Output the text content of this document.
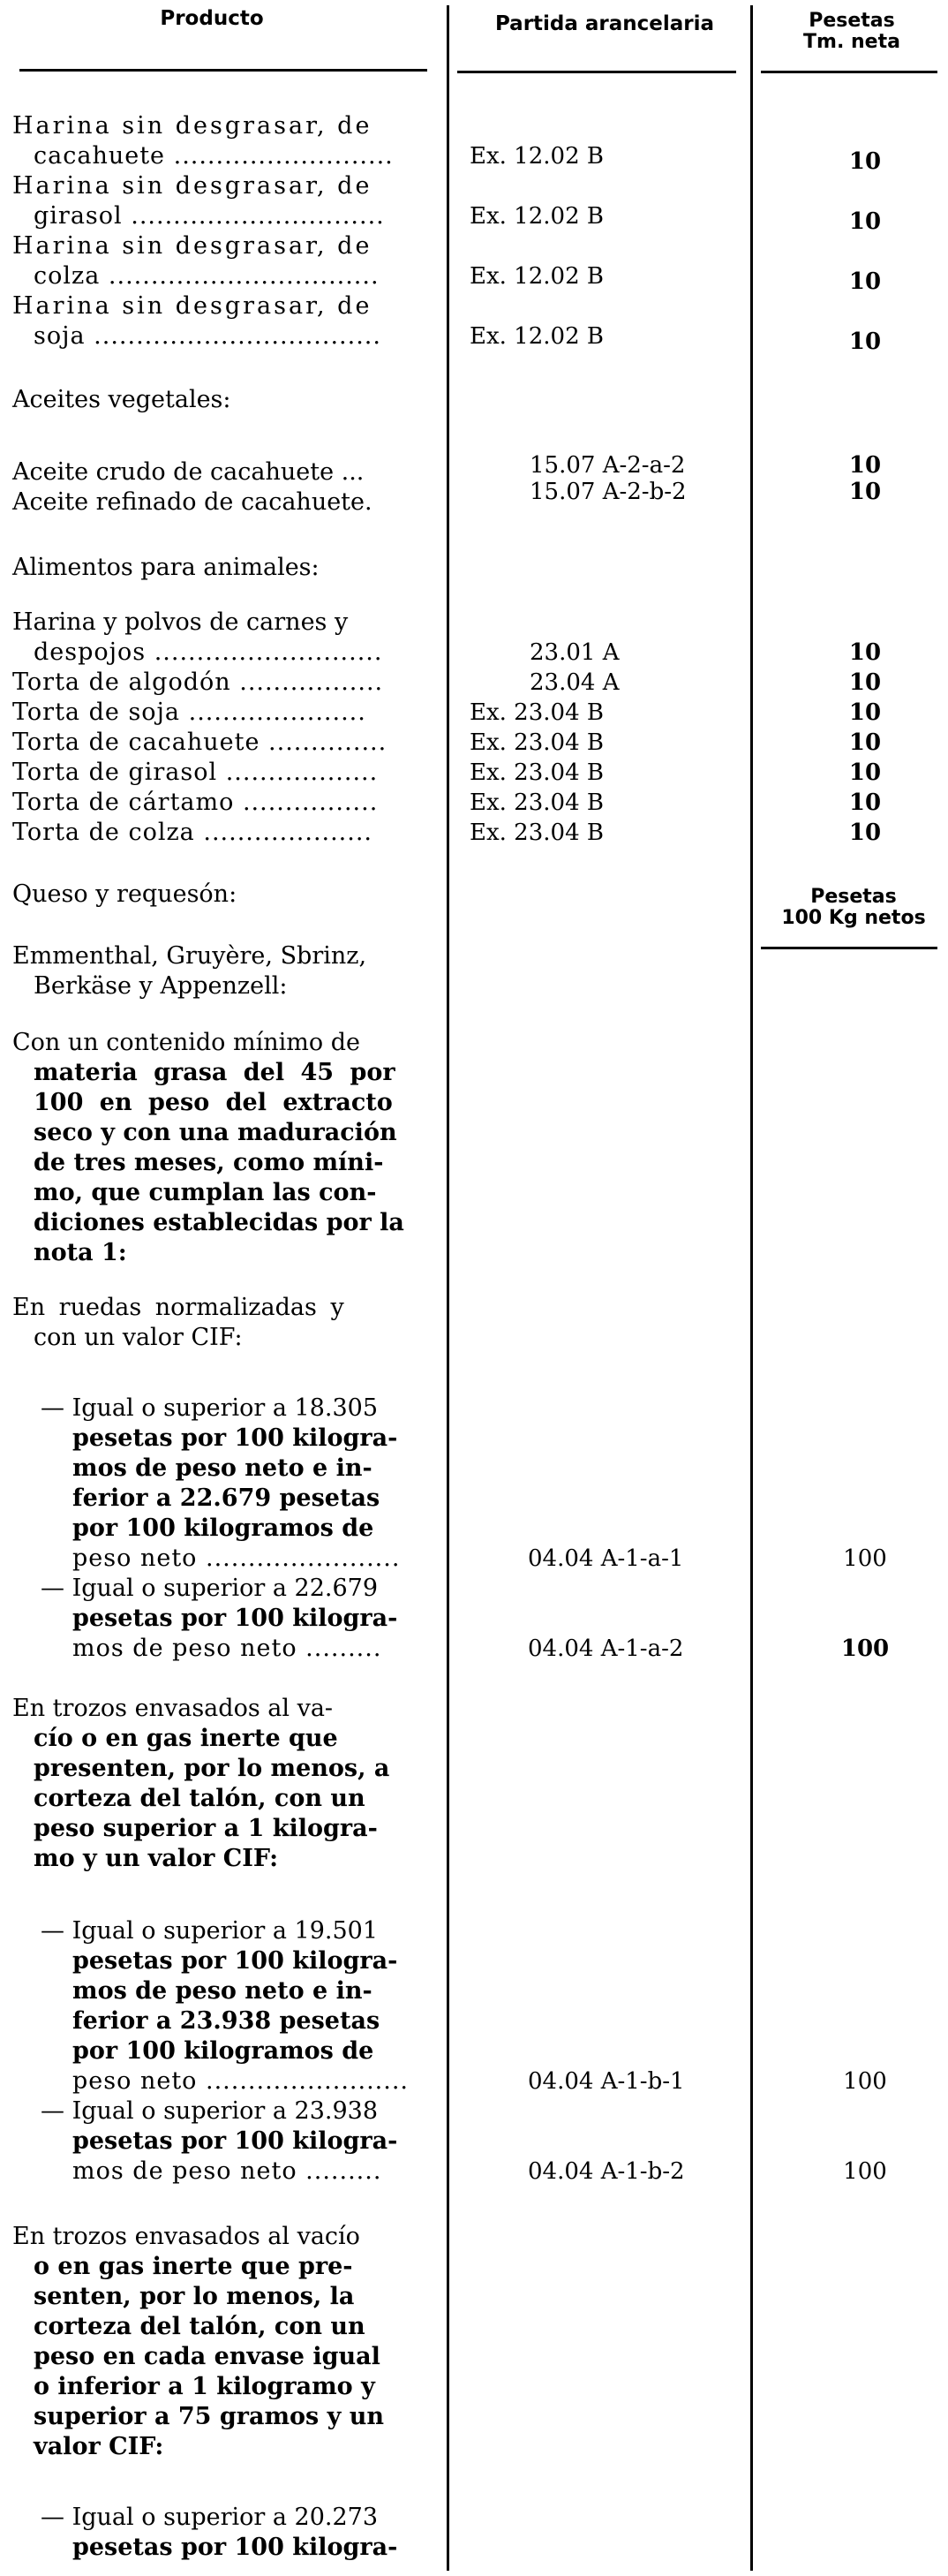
Producto	Partida arancelaria	Pesetas
Tm. neta
Pesetas
100 Kg netos
Harina sin desgrasar, de
cacahuete ..........................
Harina sin desgrasar, de
girasol ..............................
Harina sin desgrasar, de
colza ................................
Harina sin desgrasar, de
soja ..................................
Aceites vegetales:
Aceite crudo de cacahuete ...
Aceite refinado de cacahuete.
Alimentos para animales:
Harina y polvos de carnes y
despojos ...........................
Torta de algodón .................
Torta de soja .....................
Torta de cacahuete ..............
Torta de girasol ..................
Torta de cártamo ................
Torta de colza ....................
Queso y requesón:
Emmenthal, Gruyère, Sbrinz,
Berkäse y Appenzell:
Con un contenido mínimo de
materia grasa del 45 por
100 en peso del extracto
seco y con una maduración
de tres meses, como míni-
mo, que cumplan las con-
diciones establecidas por la
nota 1:
En ruedas normalizadas y
con un valor CIF:
— Igual o superior a 18.305
pesetas por 100 kilogra-
mos de peso neto e in-
ferior a 22.679 pesetas
por 100 kilogramos de
peso neto .......................
— Igual o superior a 22.679
pesetas por 100 kilogra-
mos de peso neto .........
En trozos envasados al va-
cío o en gas inerte que
presenten, por lo menos, a
corteza del talón, con un
peso superior a 1 kilogra-
mo y un valor CIF:
— Igual o superior a 19.501
pesetas por 100 kilogra-
mos de peso neto e in-
ferior a 23.938 pesetas
por 100 kilogramos de
peso neto ........................
— Igual o superior a 23.938
pesetas por 100 kilogra-
mos de peso neto .........
En trozos envasados al vacío
o en gas inerte que pre-
senten, por lo menos, la
corteza del talón, con un
peso en cada envase igual
o inferior a 1 kilogramo y
superior a 75 gramos y un
valor CIF:
— Igual o superior a 20.273
pesetas por 100 kilogra-
Ex. 12.02 B
Ex. 12.02 B
Ex. 12.02 B
Ex. 12.02 B
15.07 A-2-a-2
15.07 A-2-b-2
23.01 A
23.04 A
Ex. 23.04 B
Ex. 23.04 B
Ex. 23.04 B
Ex. 23.04 B
Ex. 23.04 B
04.04 A-1-a-1
04.04 A-1-a-2
04.04 A-1-b-1
04.04 A-1-b-2
10
10
10
10
10
10
10
10
10
10
10
10
10
100
100
100
100
